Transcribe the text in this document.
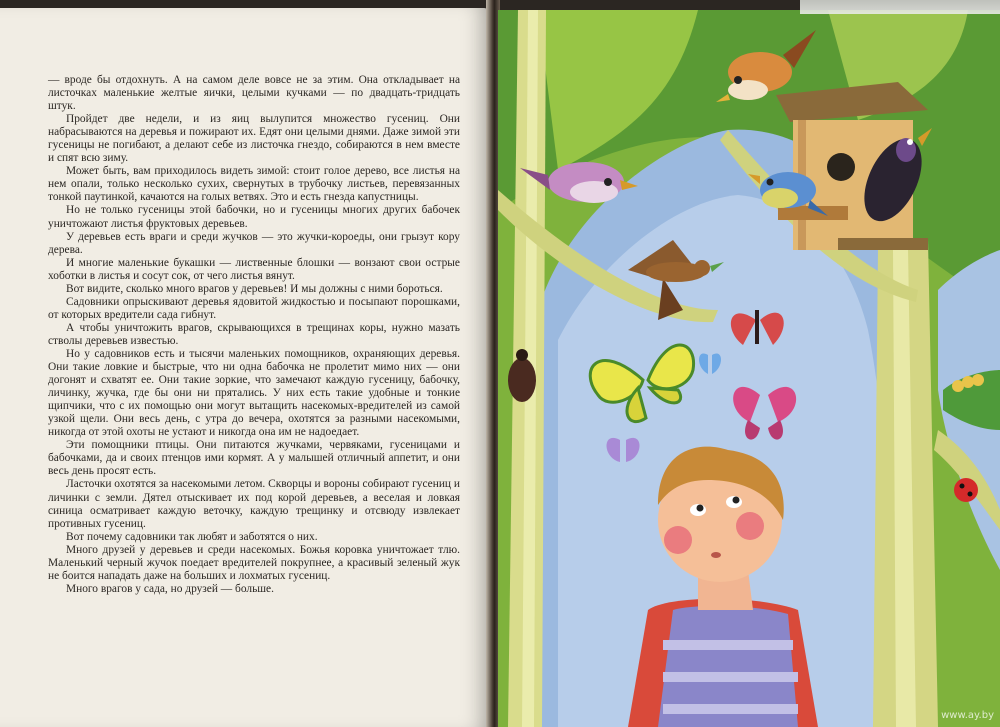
— вроде бы отдохнуть. А на самом деле вовсе не за этим. Она откладывает на листочках маленькие желтые яички, целыми кучками — по двадцать-тридцать штук.

Пройдет две недели, и из яиц вылупится множество гусениц. Они набрасываются на деревья и пожирают их. Едят они целыми днями. Даже зимой эти гусеницы не погибают, а делают себе из листочка гнездо, собираются в нем вместе и спят всю зиму.

Может быть, вам приходилось видеть зимой: стоит голое дерево, все листья на нем опали, только несколько сухих, свернутых в трубочку листьев, перевязанных тонкой паутинкой, качаются на голых ветвях. Это и есть гнезда капустницы.

Но не только гусеницы этой бабочки, но и гусеницы многих других бабочек уничтожают листья фруктовых деревьев.

У деревьев есть враги и среди жучков — это жучки-короеды, они грызут кору дерева.

И многие маленькие букашки — лиственные блошки — вонзают свои острые хоботки в листья и сосут сок, от чего листья вянут.

Вот видите, сколько много врагов у деревьев! И мы должны с ними бороться.

Садовники опрыскивают деревья ядовитой жидкостью и посыпают порошками, от которых вредители сада гибнут.

А чтобы уничтожить врагов, скрывающихся в трещинах коры, нужно мазать стволы деревьев известью.

Но у садовников есть и тысячи маленьких помощников, охраняющих деревья. Они такие ловкие и быстрые, что ни одна бабочка не пролетит мимо них — они догонят и схватят ее. Они такие зоркие, что замечают каждую гусеницу, бабочку, личинку, жучка, где бы они ни прятались. У них есть такие удобные и тонкие щипчики, что с их помощью они могут вытащить насекомых-вредителей из самой узкой щели. Они весь день, с утра до вечера, охотятся за разными насекомыми, никогда от этой охоты не устают и никогда она им не надоедает.

Эти помощники птицы. Они питаются жучками, червяками, гусеницами и бабочками, да и своих птенцов ими кормят. А у малышей отличный аппетит, и они весь день просят есть.

Ласточки охотятся за насекомыми летом. Скворцы и вороны собирают гусениц и личинки с земли. Дятел отыскивает их под корой деревьев, а веселая и ловкая синица осматривает каждую веточку, каждую трещинку и отсвюду извлекает противных гусениц.

Вот почему садовники так любят и заботятся о них.

Много друзей у деревьев и среди насекомых. Божья коровка уничтожает тлю. Маленький черный жучок поедает вредителей покрупнее, а красивый зеленый жук не боится нападать даже на больших и лохматых гусениц.

Много врагов у сада, но друзей — больше.

www.ay.by
